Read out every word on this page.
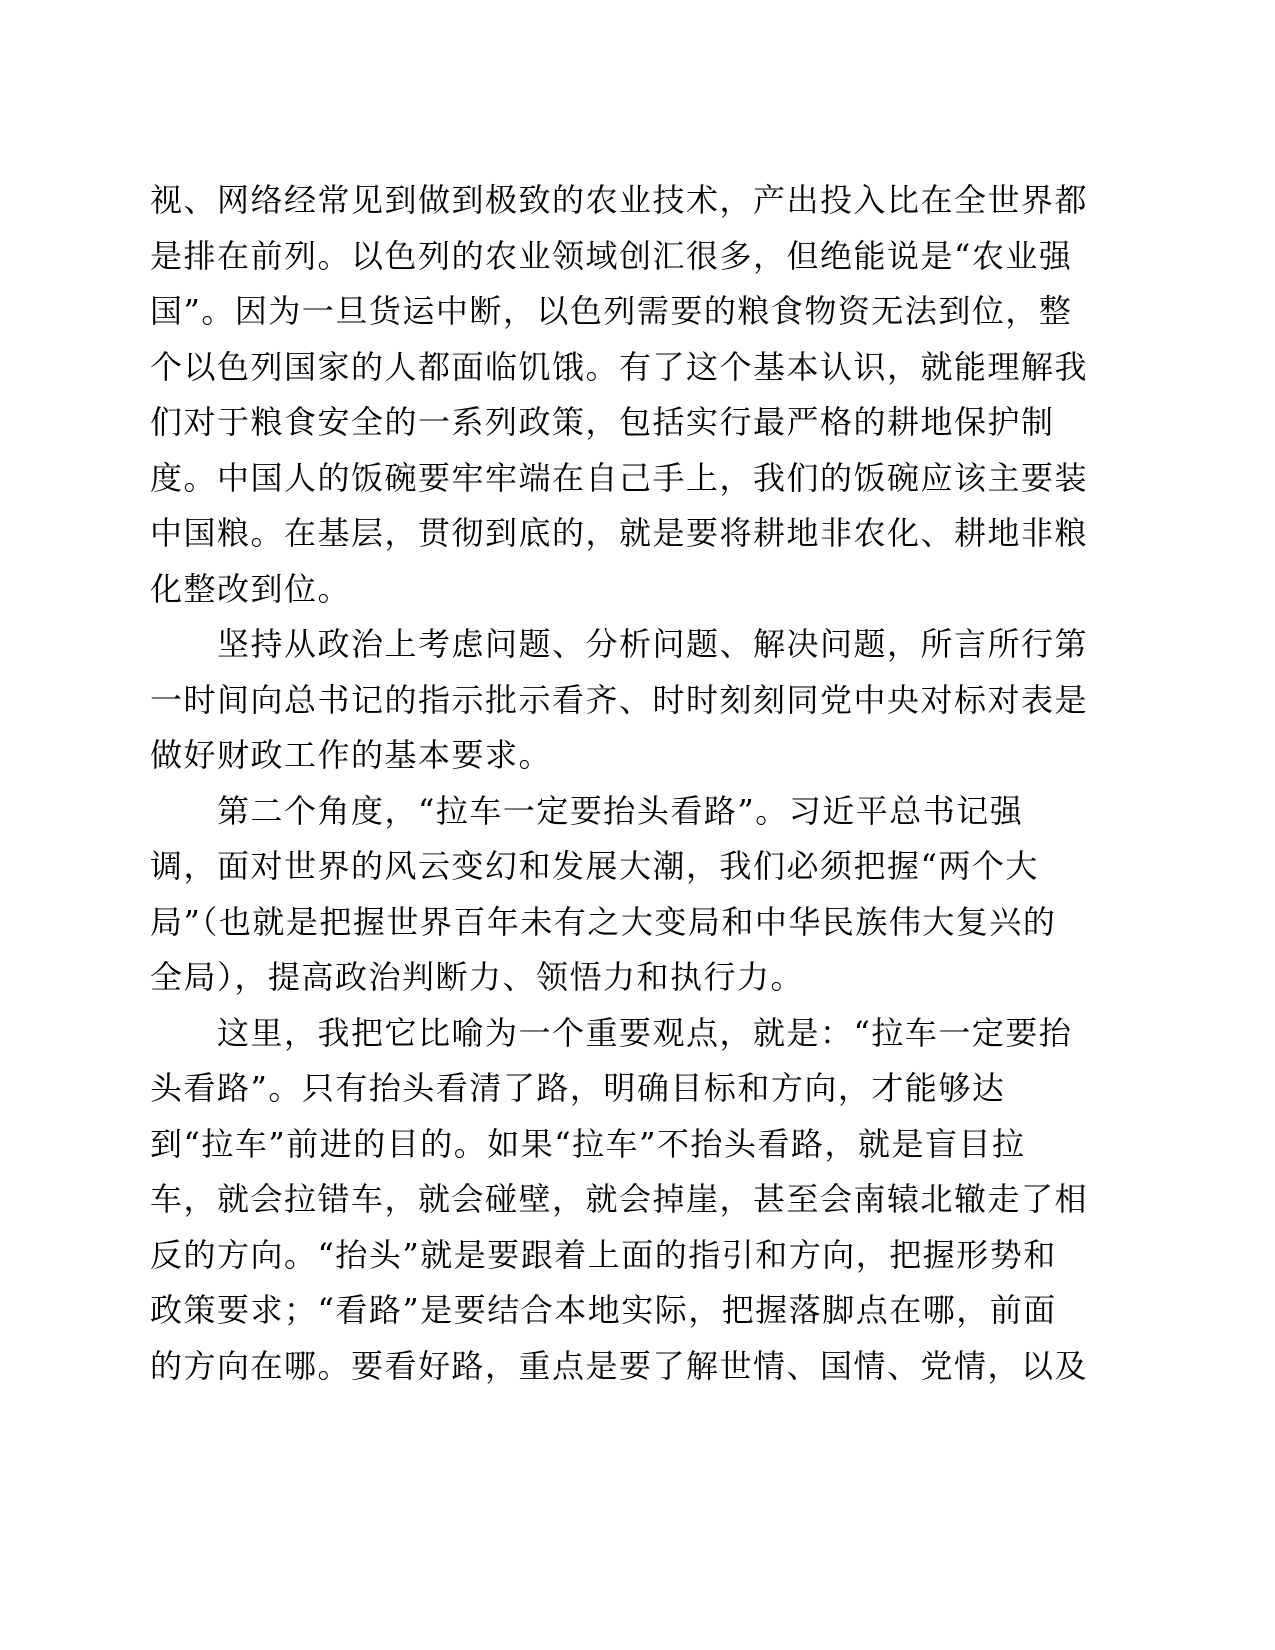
视、网络经常见到做到极致的农业技术，产出投入比在全世界都
是排在前列。以色列的农业领域创汇很多，但绝能说是“农业强
国”。因为一旦货运中断，以色列需要的粮食物资无法到位，整
个以色列国家的人都面临饥饿。有了这个基本认识，就能理解我
们对于粮食安全的一系列政策，包括实行最严格的耕地保护制
度。中国人的饭碗要牢牢端在自己手上，我们的饭碗应该主要装
中国粮。在基层，贯彻到底的，就是要将耕地非农化、耕地非粮
化整改到位。
　　坚持从政治上考虑问题、分析问题、解决问题，所言所行第
一时间向总书记的指示批示看齐、时时刻刻同党中央对标对表是
做好财政工作的基本要求。
　　第二个角度，“拉车一定要抬头看路”。习近平总书记强
调，面对世界的风云变幻和发展大潮，我们必须把握“两个大
局”（也就是把握世界百年未有之大变局和中华民族伟大复兴的
全局），提高政治判断力、领悟力和执行力。
　　这里，我把它比喻为一个重要观点，就是：“拉车一定要抬
头看路”。只有抬头看清了路，明确目标和方向，才能够达
到“拉车”前进的目的。如果“拉车”不抬头看路，就是盲目拉
车，就会拉错车，就会碰壁，就会掉崖，甚至会南辕北辙走了相
反的方向。“抬头”就是要跟着上面的指引和方向，把握形势和
政策要求；“看路”是要结合本地实际，把握落脚点在哪，前面
的方向在哪。要看好路，重点是要了解世情、国情、党情，以及
